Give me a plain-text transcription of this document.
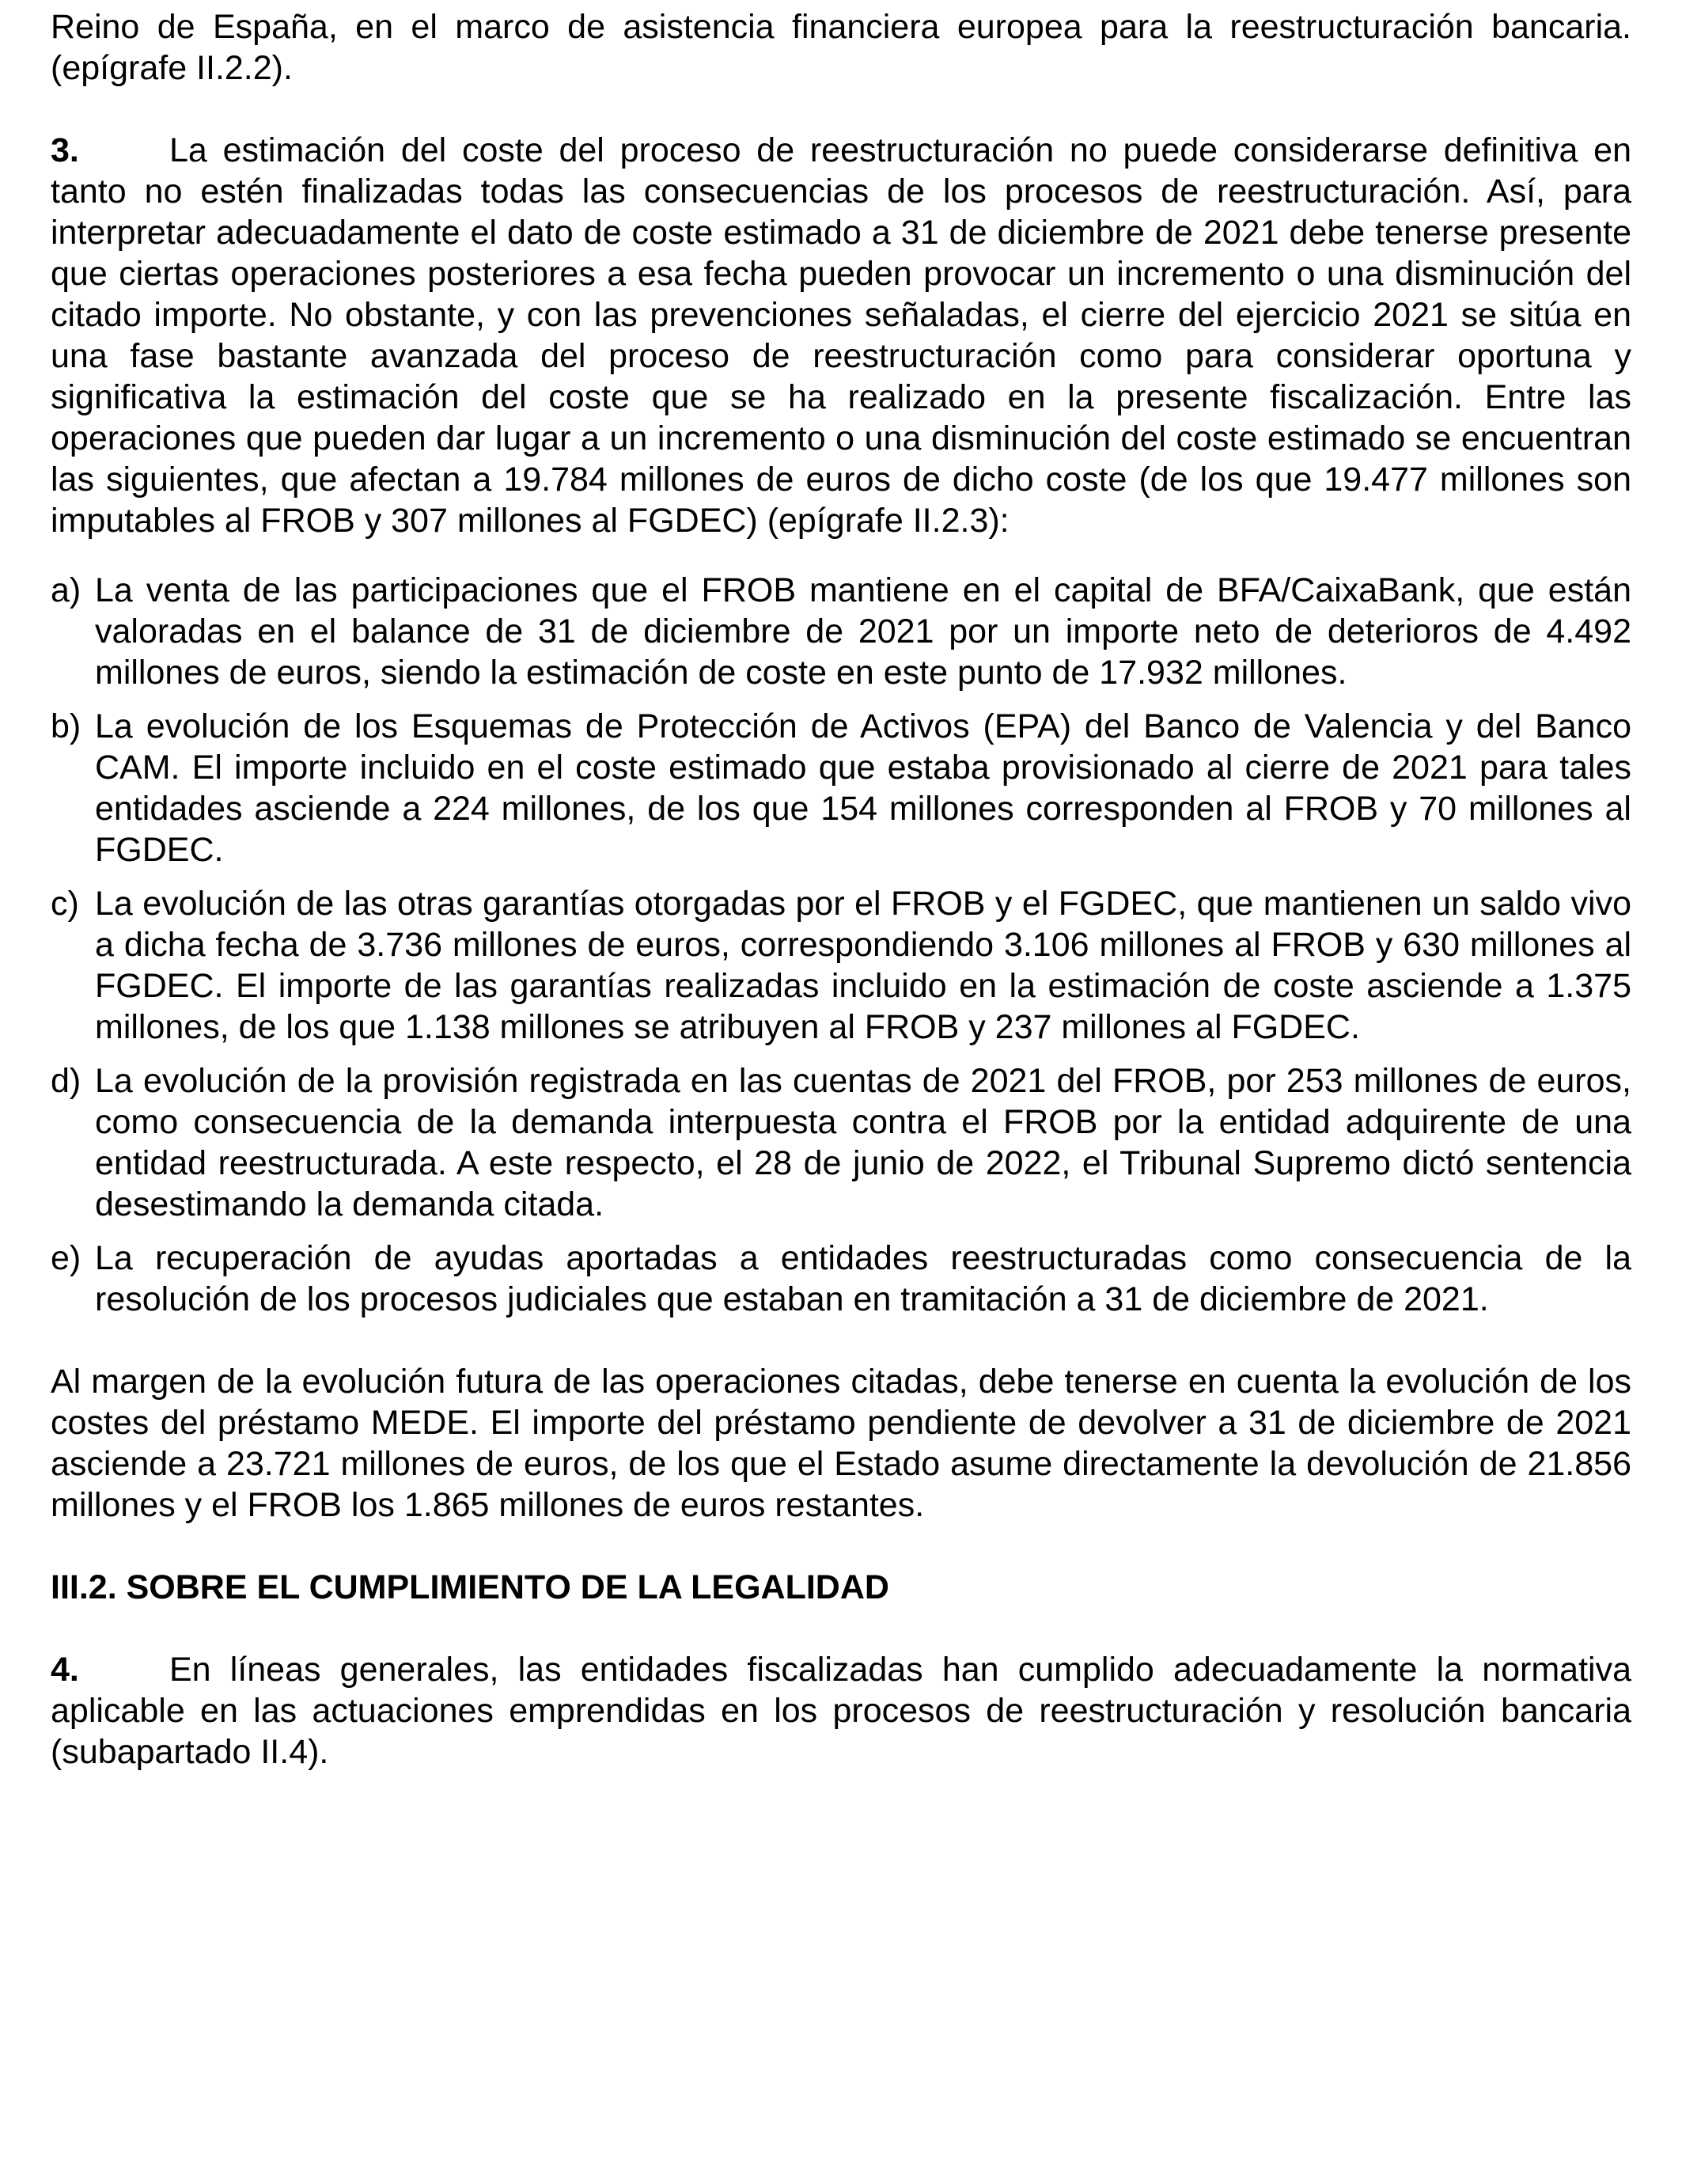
Reino de España, en el marco de asistencia financiera europea para la reestructuración bancaria. (epígrafe II.2.2).

3.	La estimación del coste del proceso de reestructuración no puede considerarse definitiva en tanto no estén finalizadas todas las consecuencias de los procesos de reestructuración. Así, para interpretar adecuadamente el dato de coste estimado a 31 de diciembre de 2021 debe tenerse presente que ciertas operaciones posteriores a esa fecha pueden provocar un incremento o una disminución del citado importe. No obstante, y con las prevenciones señaladas, el cierre del ejercicio 2021 se sitúa en una fase bastante avanzada del proceso de reestructuración como para considerar oportuna y significativa la estimación del coste que se ha realizado en la presente fiscalización. Entre las operaciones que pueden dar lugar a un incremento o una disminución del coste estimado se encuentran las siguientes, que afectan a 19.784 millones de euros de dicho coste (de los que 19.477 millones son imputables al FROB y 307 millones al FGDEC) (epígrafe II.2.3):

a) La venta de las participaciones que el FROB mantiene en el capital de BFA/CaixaBank, que están valoradas en el balance de 31 de diciembre de 2021 por un importe neto de deterioros de 4.492 millones de euros, siendo la estimación de coste en este punto de 17.932 millones.

b) La evolución de los Esquemas de Protección de Activos (EPA) del Banco de Valencia y del Banco CAM. El importe incluido en el coste estimado que estaba provisionado al cierre de 2021 para tales entidades asciende a 224 millones, de los que 154 millones corresponden al FROB y 70 millones al FGDEC.

c) La evolución de las otras garantías otorgadas por el FROB y el FGDEC, que mantienen un saldo vivo a dicha fecha de 3.736 millones de euros, correspondiendo 3.106 millones al FROB y 630 millones al FGDEC. El importe de las garantías realizadas incluido en la estimación de coste asciende a 1.375 millones, de los que 1.138 millones se atribuyen al FROB y 237 millones al FGDEC.

d) La evolución de la provisión registrada en las cuentas de 2021 del FROB, por 253 millones de euros, como consecuencia de la demanda interpuesta contra el FROB por la entidad adquirente de una entidad reestructurada. A este respecto, el 28 de junio de 2022, el Tribunal Supremo dictó sentencia desestimando la demanda citada.

e) La recuperación de ayudas aportadas a entidades reestructuradas como consecuencia de la resolución de los procesos judiciales que estaban en tramitación a 31 de diciembre de 2021.

Al margen de la evolución futura de las operaciones citadas, debe tenerse en cuenta la evolución de los costes del préstamo MEDE. El importe del préstamo pendiente de devolver a 31 de diciembre de 2021 asciende a 23.721 millones de euros, de los que el Estado asume directamente la devolución de 21.856 millones y el FROB los 1.865 millones de euros restantes.

III.2. SOBRE EL CUMPLIMIENTO DE LA LEGALIDAD

4.	En líneas generales, las entidades fiscalizadas han cumplido adecuadamente la normativa aplicable en las actuaciones emprendidas en los procesos de reestructuración y resolución bancaria (subapartado II.4).
